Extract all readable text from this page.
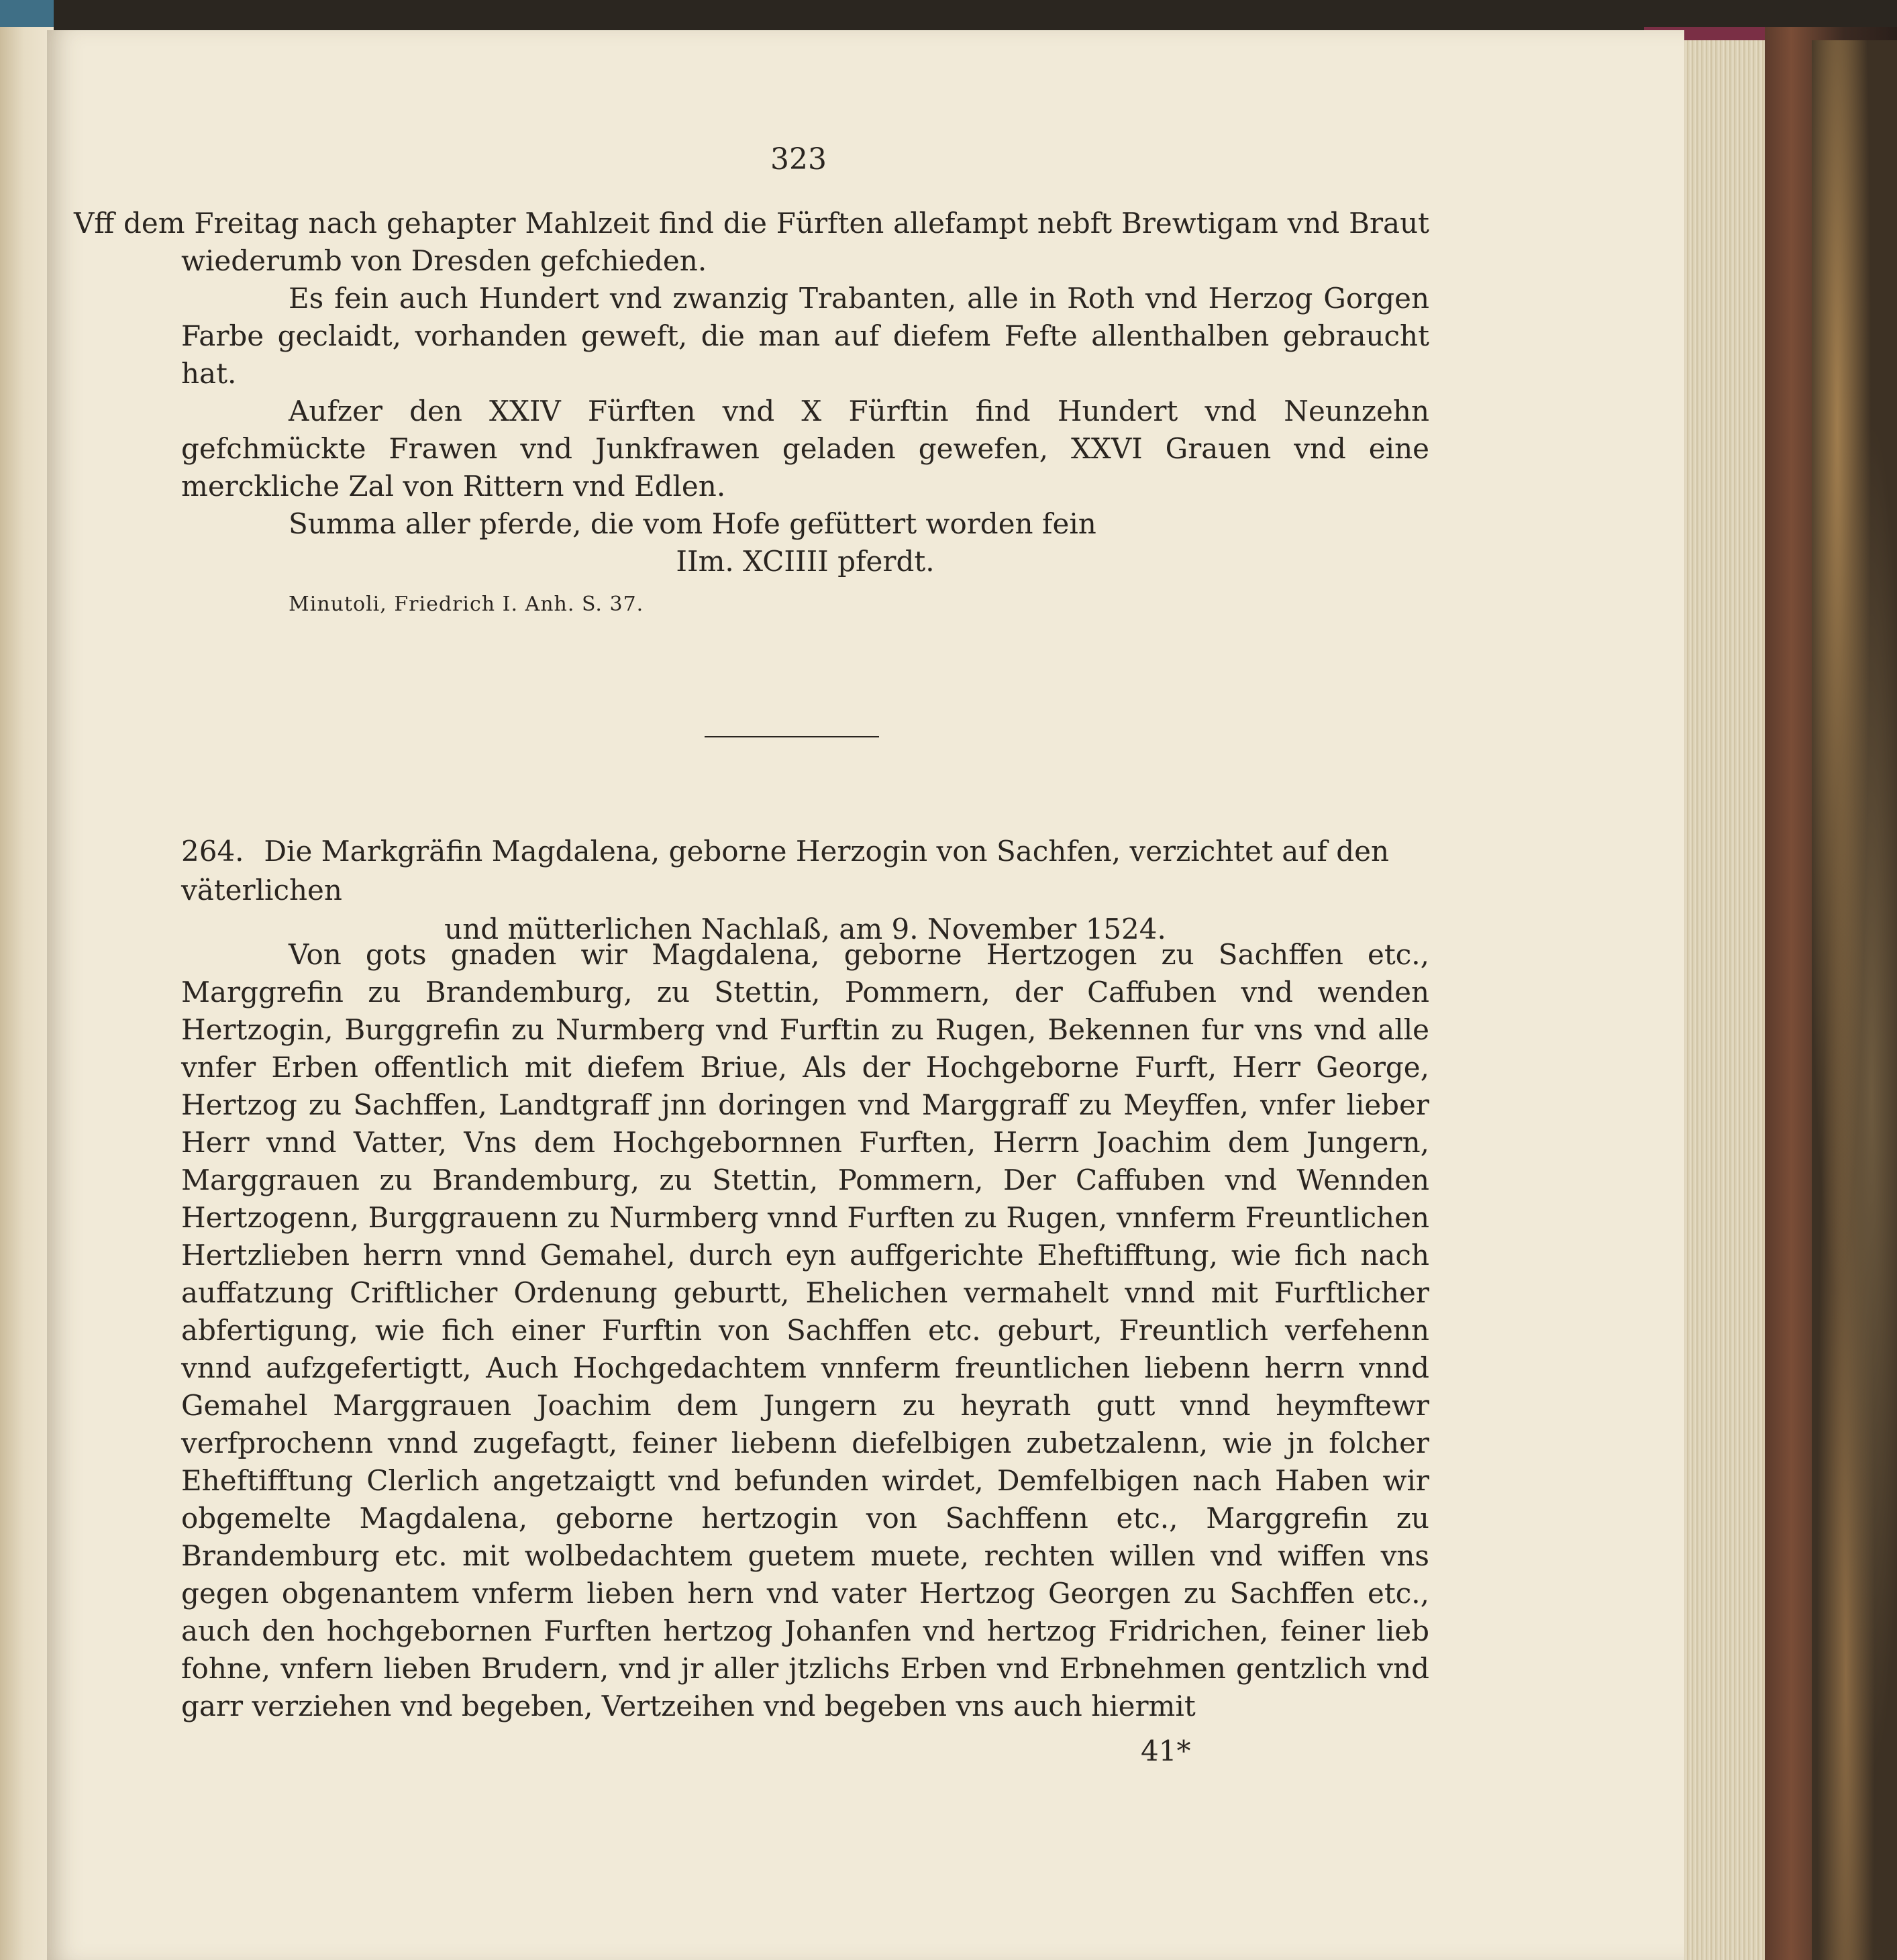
323

Vff dem Freitag nach gehapter Mahlzeit find die Fürften allefampt nebft Brewtigam vnd Braut wiederumb von Dresden gefchieden.

Es fein auch Hundert vnd zwanzig Trabanten, alle in Roth vnd Herzog Gorgen Farbe geclaidt, vorhanden geweft, die man auf diefem Fefte allenthalben gebraucht hat.

Aufzer den XXIV Fürften vnd X Fürftin find Hundert vnd Neunzehn gefchmückte Frawen vnd Junkfrawen geladen gewefen, XXVI Grauen vnd eine merckliche Zal von Rittern vnd Edlen.

Summa aller pferde, die vom Hofe gefüttert worden fein

IIm. XCIIII pferdt.

Minutoli, Friedrich I. Anh. S. 37.
264. Die Markgräfin Magdalena, geborne Herzogin von Sachfen, verzichtet auf den väterlichen
und mütterlichen Nachlaß, am 9. November 1524.

Von gots gnaden wir Magdalena, geborne Hertzogen zu Sachffen etc., Marggrefin zu Brandemburg, zu Stettin, Pommern, der Caffuben vnd wenden Hertzogin, Burggrefin zu Nurmberg vnd Furftin zu Rugen, Bekennen fur vns vnd alle vnfer Erben offentlich mit diefem Briue, Als der Hochgeborne Furft, Herr George, Hertzog zu Sachffen, Landtgraff jnn doringen vnd Marggraff zu Meyffen, vnfer lieber Herr vnnd Vatter, Vns dem Hochgebornnen Furften, Herrn Joachim dem Jungern, Marggrauen zu Brandemburg, zu Stettin, Pommern, Der Caffuben vnd Wennden Hertzogenn, Burggrauenn zu Nurmberg vnnd Furften zu Rugen, vnnferm Freuntlichen Hertzlieben herrn vnnd Gemahel, durch eyn auffgerichte Eheftifftung, wie fich nach auffatzung Criftlicher Ordenung geburtt, Ehelichen vermahelt vnnd mit Furftlicher abfertigung, wie fich einer Furftin von Sachffen etc. geburt, Freuntlich verfehenn vnnd aufzgefertigtt, Auch Hochgedachtem vnnferm freuntlichen liebenn herrn vnnd Gemahel Marggrauen Joachim dem Jungern zu heyrath gutt vnnd heymftewr verfprochenn vnnd zugefagtt, feiner liebenn diefelbigen zubetzalenn, wie jn folcher Eheftifftung Clerlich angetzaigtt vnd befunden wirdet, Demfelbigen nach Haben wir obgemelte Magdalena, geborne hertzogin von Sachffenn etc., Marggrefin zu Brandemburg etc. mit wolbedachtem guetem muete, rechten willen vnd wiffen vns gegen obgenantem vnferm lieben hern vnd vater Hertzog Georgen zu Sachffen etc., auch den hochgebornen Furften hertzog Johanfen vnd hertzog Fridrichen, feiner lieb fohne, vnfern lieben Brudern, vnd jr aller jtzlichs Erben vnd Erbnehmen gentzlich vnd garr verziehen vnd begeben, Vertzeihen vnd begeben vns auch hiermit

41*
